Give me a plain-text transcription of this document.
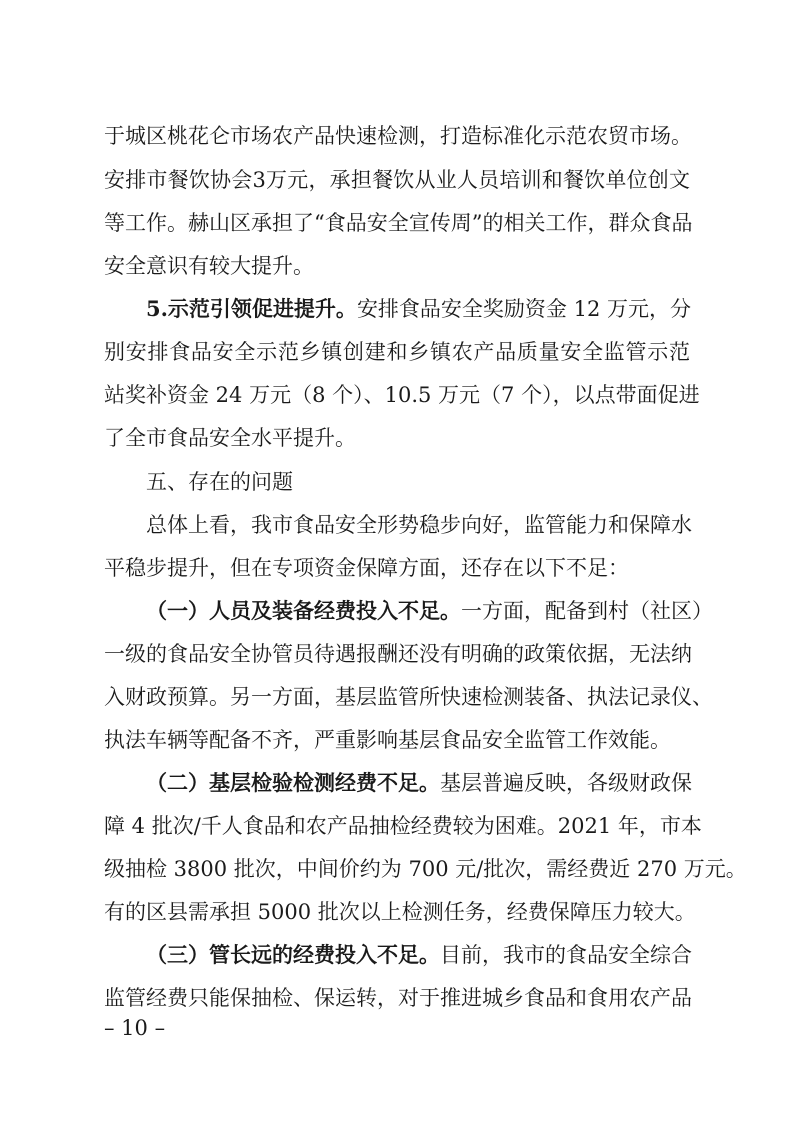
于城区桃花仑市场农产品快速检测，打造标准化示范农贸市场。
安排市餐饮协会3万元，承担餐饮从业人员培训和餐饮单位创文
等工作。赫山区承担了“食品安全宣传周”的相关工作，群众食品
安全意识有较大提升。
5.示范引领促进提升。安排食品安全奖励资金 12 万元，分
别安排食品安全示范乡镇创建和乡镇农产品质量安全监管示范
站奖补资金 24 万元（8 个）、10.5 万元（7 个），以点带面促进
了全市食品安全水平提升。
五、存在的问题
总体上看，我市食品安全形势稳步向好，监管能力和保障水
平稳步提升，但在专项资金保障方面，还存在以下不足：
（一）人员及装备经费投入不足。一方面，配备到村（社区）
一级的食品安全协管员待遇报酬还没有明确的政策依据，无法纳
入财政预算。另一方面，基层监管所快速检测装备、执法记录仪、
执法车辆等配备不齐，严重影响基层食品安全监管工作效能。
（二）基层检验检测经费不足。基层普遍反映，各级财政保
障 4 批次/千人食品和农产品抽检经费较为困难。2021 年，市本
级抽检 3800 批次，中间价约为 700 元/批次，需经费近 270 万元。
有的区县需承担 5000 批次以上检测任务，经费保障压力较大。
（三）管长远的经费投入不足。目前，我市的食品安全综合
监管经费只能保抽检、保运转，对于推进城乡食品和食用农产品
– 10 –
